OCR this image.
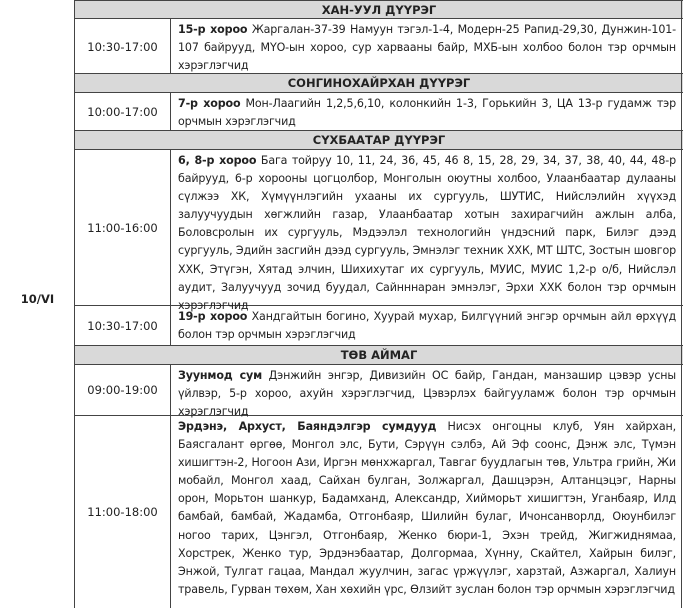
10/VI
ХАН-УУЛ ДҮҮРЭГ
10:30-17:00
15-р хороо Жаргалан-37-39 Намуун тэгэл-1-4, Модерн-25 Рапид-29,30, Дунжин-101-107 байрууд, МҮО-ын хороо, сур харвааны байр, МХБ-ын холбоо болон тэр орчмын хэрэглэгчид
СОНГИНОХАЙРХАН ДҮҮРЭГ
10:00-17:00
7-р хороо Мон-Лаагийн 1,2,5,6,10, колонкийн 1-3, Горькийн 3, ЦА 13-р гудамж тэр орчмын хэрэглэгчид
СҮХБААТАР ДҮҮРЭГ
11:00-16:00
6, 8-р хороо Бага тойруу 10, 11, 24, 36, 45, 46 8, 15, 28, 29, 34, 37, 38, 40, 44, 48-р байрууд, 6-р хорооны цогцолбор, Монголын оюутны холбоо, Улаанбаатар дулааны сүлжээ ХК, Хүмүүнлэгийн ухааны их сургууль, ШУТИС, Нийслэлийн хүүхэд залуучуудын хөгжлийн газар, Улаанбаатар хотын захирагчийн ажлын алба, Боловсролын их сургууль, Мэдээлэл технологийн үндэсний парк, Билэг дээд сургууль, Эдийн засгийн дээд сургууль, Эмнэлэг техник ХХК, МТ ШТС, Зостын шовгор ХХК, Этүгэн, Хятад элчин, Шихихутаг их сургууль, МУИС, МУИС 1,2-р о/б, Нийслэл аудит, Залуучууд зочид буудал, Сайнннаран эмнэлэг, Эрхи ХХК болон тэр орчмын хэрэглэгчид
10:30-17:00
19-р хороо Хандгайтын богино, Хуурай мухар, Билгүүний энгэр орчмын айл өрхүүд болон тэр орчмын хэрэглэгчид
ТӨВ АЙМАГ
09:00-19:00
Зуунмод сум Дэнжийн энгэр, Дивизийн ОС байр, Гандан, манзашир цэвэр усны үйлвэр, 5-р хороо, ахуйн хэрэглэгчид, Цэвэрлэх байгууламж болон тэр орчмын хэрэглэгчид
11:00-18:00
Эрдэнэ, Архуст, Баяндэлгэр сумдууд Нисэх онгоцны клуб, Уян хайрхан, Баясгалант өргөө, Монгол элс, Бути, Сэрүүн сэлбэ, Ай Эф соонс, Дэнж элс, Түмэн хишигтэн-2, Ногоон Ази, Иргэн мөнхжаргал, Тавгаг буудлагын төв, Ультра грийн, Жи мобайл, Монгол хаад, Сайхан булган, Золжаргал, Дашцэрэн, Алтанцэцэг, Нарны орон, Морьтон шанкур, Бадамханд, Александр, Хийморьт хишигтэн, Уганбаяр, Илд бамбай, бамбай, Жадамба, Отгонбаяр, Шилийн булаг, Ичонсанворлд, Оюунбилэг ногоо тарих, Цэнгэл, Отгонбаяр, Женко бюри-1, Эхэн трейд, Жигжиднямаа, Хорстрек, Женко тур, Эрдэнэбаатар, Долгормаа, Хүнну, Скайтел, Хайрын билэг, Энжой, Тулгат гацаа, Мандал жуулчин, загас үржүүлэг, харзтай, Азжаргал, Халиун травель, Гурван төхөм, Хан хөхийн үрс, Өлзийт зуслан болон тэр орчмын хэрэглэгчид
